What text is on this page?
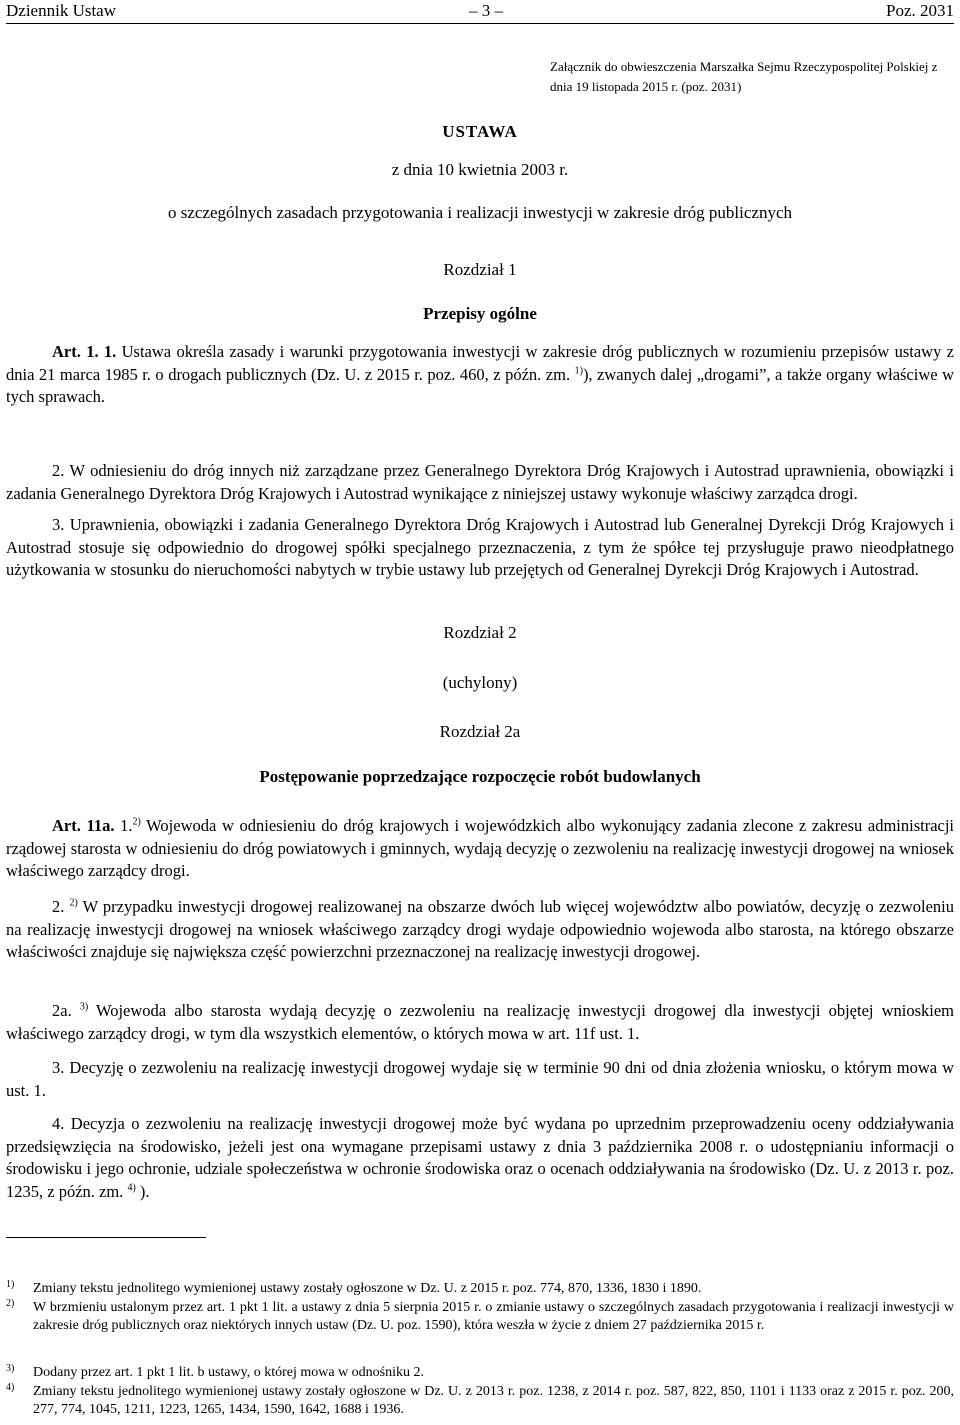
Dziennik Ustaw	– 3 –	Poz. 2031
Załącznik do obwieszczenia Marszałka Sejmu Rzeczypospolitej Polskiej z dnia 19 listopada 2015 r. (poz. 2031)
USTAWA
z dnia 10 kwietnia 2003 r.
o szczególnych zasadach przygotowania i realizacji inwestycji w zakresie dróg publicznych
Rozdział 1
Przepisy ogólne
Art. 1. 1. Ustawa określa zasady i warunki przygotowania inwestycji w zakresie dróg publicznych w rozumieniu przepisów ustawy z dnia 21 marca 1985 r. o drogach publicznych (Dz. U. z 2015 r. poz. 460, z późn. zm. $^{1)}$), zwanych dalej „drogami”, a także organy właściwe w tych sprawach.
2. W odniesieniu do dróg innych niż zarządzane przez Generalnego Dyrektora Dróg Krajowych i Autostrad uprawnienia, obowiązki i zadania Generalnego Dyrektora Dróg Krajowych i Autostrad wynikające z niniejszej ustawy wykonuje właściwy zarządca drogi.
3. Uprawnienia, obowiązki i zadania Generalnego Dyrektora Dróg Krajowych i Autostrad lub Generalnej Dyrekcji Dróg Krajowych i Autostrad stosuje się odpowiednio do drogowej spółki specjalnego przeznaczenia, z tym że spółce tej przysługuje prawo nieodpłatnego użytkowania w stosunku do nieruchomości nabytych w trybie ustawy lub przejętych od Generalnej Dyrekcji Dróg Krajowych i Autostrad.
Rozdział 2
(uchylony)
Rozdział 2a
Postępowanie poprzedzające rozpoczęcie robót budowlanych
Art. 11a. 1.$^{2)}$ Wojewoda w odniesieniu do dróg krajowych i wojewódzkich albo wykonujący zadania zlecone z zakresu administracji rządowej starosta w odniesieniu do dróg powiatowych i gminnych, wydają decyzję o zezwoleniu na realizację inwestycji drogowej na wniosek właściwego zarządcy drogi.
2. $^{2)}$ W przypadku inwestycji drogowej realizowanej na obszarze dwóch lub więcej województw albo powiatów, decyzję o zezwoleniu na realizację inwestycji drogowej na wniosek właściwego zarządcy drogi wydaje odpowiednio wojewoda albo starosta, na którego obszarze właściwości znajduje się największa część powierzchni przeznaczonej na realizację inwestycji drogowej.
2a. $^{3)}$ Wojewoda albo starosta wydają decyzję o zezwoleniu na realizację inwestycji drogowej dla inwestycji objętej wnioskiem właściwego zarządcy drogi, w tym dla wszystkich elementów, o których mowa w art. 11f ust. 1.
3. Decyzję o zezwoleniu na realizację inwestycji drogowej wydaje się w terminie 90 dni od dnia złożenia wniosku, o którym mowa w ust. 1.
4. Decyzja o zezwoleniu na realizację inwestycji drogowej może być wydana po uprzednim przeprowadzeniu oceny oddziaływania przedsięwzięcia na środowisko, jeżeli jest ona wymagane przepisami ustawy z dnia 3 października 2008 r. o udostępnianiu informacji o środowisku i jego ochronie, udziale społeczeństwa w ochronie środowiska oraz o ocenach oddziaływania na środowisko (Dz. U. z 2013 r. poz. 1235, z późn. zm. $^{4)}$ ).
1) Zmiany tekstu jednolitego wymienionej ustawy zostały ogłoszone w Dz. U. z 2015 r. poz. 774, 870, 1336, 1830 i 1890.
2) W brzmieniu ustalonym przez art. 1 pkt 1 lit. a ustawy z dnia 5 sierpnia 2015 r. o zmianie ustawy o szczególnych zasadach przygotowania i realizacji inwestycji w zakresie dróg publicznych oraz niektórych innych ustaw (Dz. U. poz. 1590), która weszła w życie z dniem 27 października 2015 r.
3) Dodany przez art. 1 pkt 1 lit. b ustawy, o której mowa w odnośniku 2.
4) Zmiany tekstu jednolitego wymienionej ustawy zostały ogłoszone w Dz. U. z 2013 r. poz. 1238, z 2014 r. poz. 587, 822, 850, 1101 i 1133 oraz z 2015 r. poz. 200, 277, 774, 1045, 1211, 1223, 1265, 1434, 1590, 1642, 1688 i 1936.
